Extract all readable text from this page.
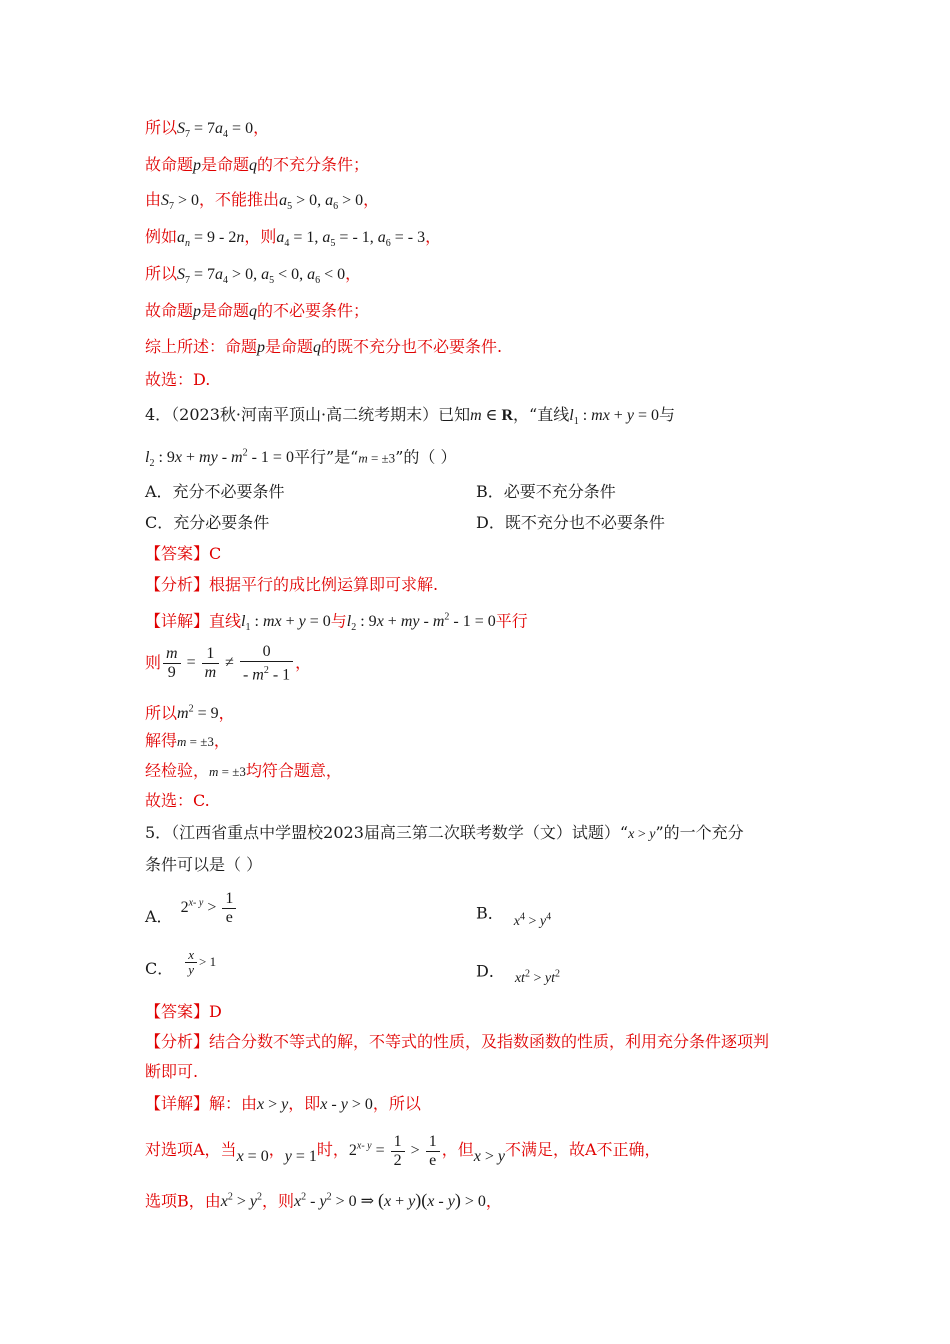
所以$S_7 = 7a_4 = 0$，
故命题p是命题q的不充分条件；
由$S_7 > 0$，不能推出$a_5 > 0$, $a_6 > 0$，
例如$a_n = 9 - 2n$，则$a_4 = 1$, $a_5$ = - 1, $a_6$ = - 3，
所以$S_7 = 7a_4 > 0$, $a_5 < 0$, $a_6 < 0$，
故命题p是命题q的不必要条件；
综上所述：命题p是命题q的既不充分也不必要条件.
故选：D.
4．（2023秋·河南平顶山·高二统考期末）已知m ∈ R，“直线$l_1$ : mx + y = 0与
$l_2$ : 9x + my - $m^2 - 1 = 0$平行”是“m = ±3”的（ ）
A．充分不必要条件	B．必要不充分条件
C．充分必要条件	D．既不充分也不必要条件
【答案】C
【分析】根据平行的成比例运算即可求解.
【详解】直线$l_1$ : mx + y = 0与$l_2$ : 9x + my - $m^2 - 1 = 0$平行
则 $\frac{m}{9} = \frac{1}{m} \ne \frac{0}{- m^2 - 1}$ ，
所以$m^2 = 9$，
解得m = ±3，
经检验，m = ±3均符合题意，
故选：C.
5．（江西省重点中学盟校2023届高三第二次联考数学（文）试题）“x > y”的一个充分
条件可以是（ ）
A． $2^{x- y} > \frac{1}{e}$	B． $x^4 > y^4$
C． $\frac{x}{y} > 1$	D． $xt^2 > yt^2$
【答案】D
【分析】结合分数不等式的解，不等式的性质，及指数函数的性质，利用充分条件逐项判
断即可.
【详解】解：由x > y，即x - y > 0，所以
对选项A，当x = 0，y = 1时，$2^{x- y} = \frac{1}{2} > \frac{1}{e}$ ，但x > y不满足，故A不正确，
选项B，由$x^2 > y^2$，则$x^2 - y^2 > 0$ ⇒ (x + y)(x - y) > 0，
